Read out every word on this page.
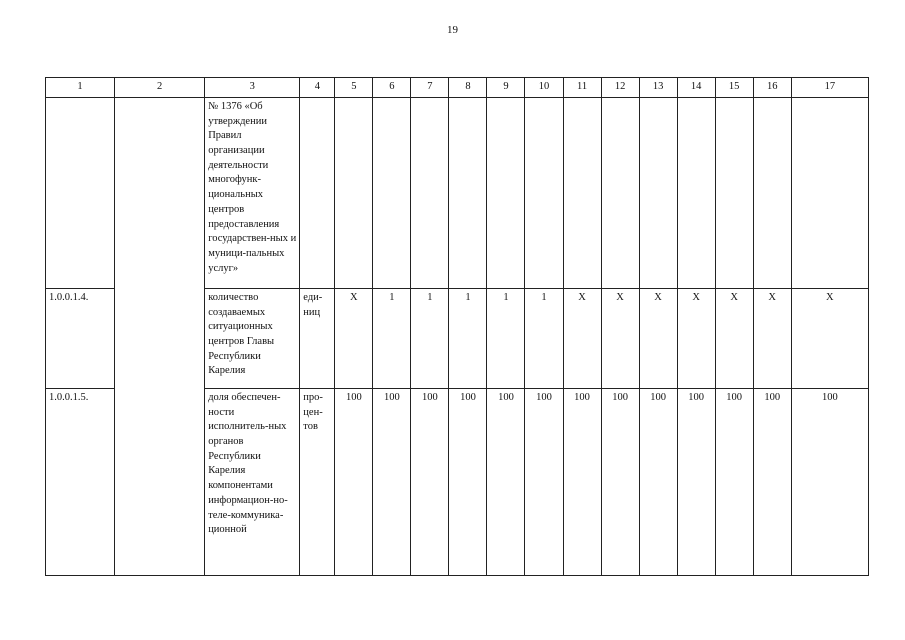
19
1	2	3	4	5	6	7	8	9	10	11	12	13	14	15	16	17
		№ 1376 «Об утверждении Правил организации деятельности многофунк-циональных центров предоставления государствен-ных и муници-пальных услуг»														
1.0.0.1.4.		количество создаваемых ситуационных центров Главы Республики Карелия	еди-ниц	X	1	1	1	1	1	X	X	X	X	X	X	X
1.0.0.1.5.		доля обеспечен-ности исполнитель-ных органов Республики Карелия компонентами информацион-но-теле-коммуника-ционной	про-цен-тов	100	100	100	100	100	100	100	100	100	100	100	100	100
